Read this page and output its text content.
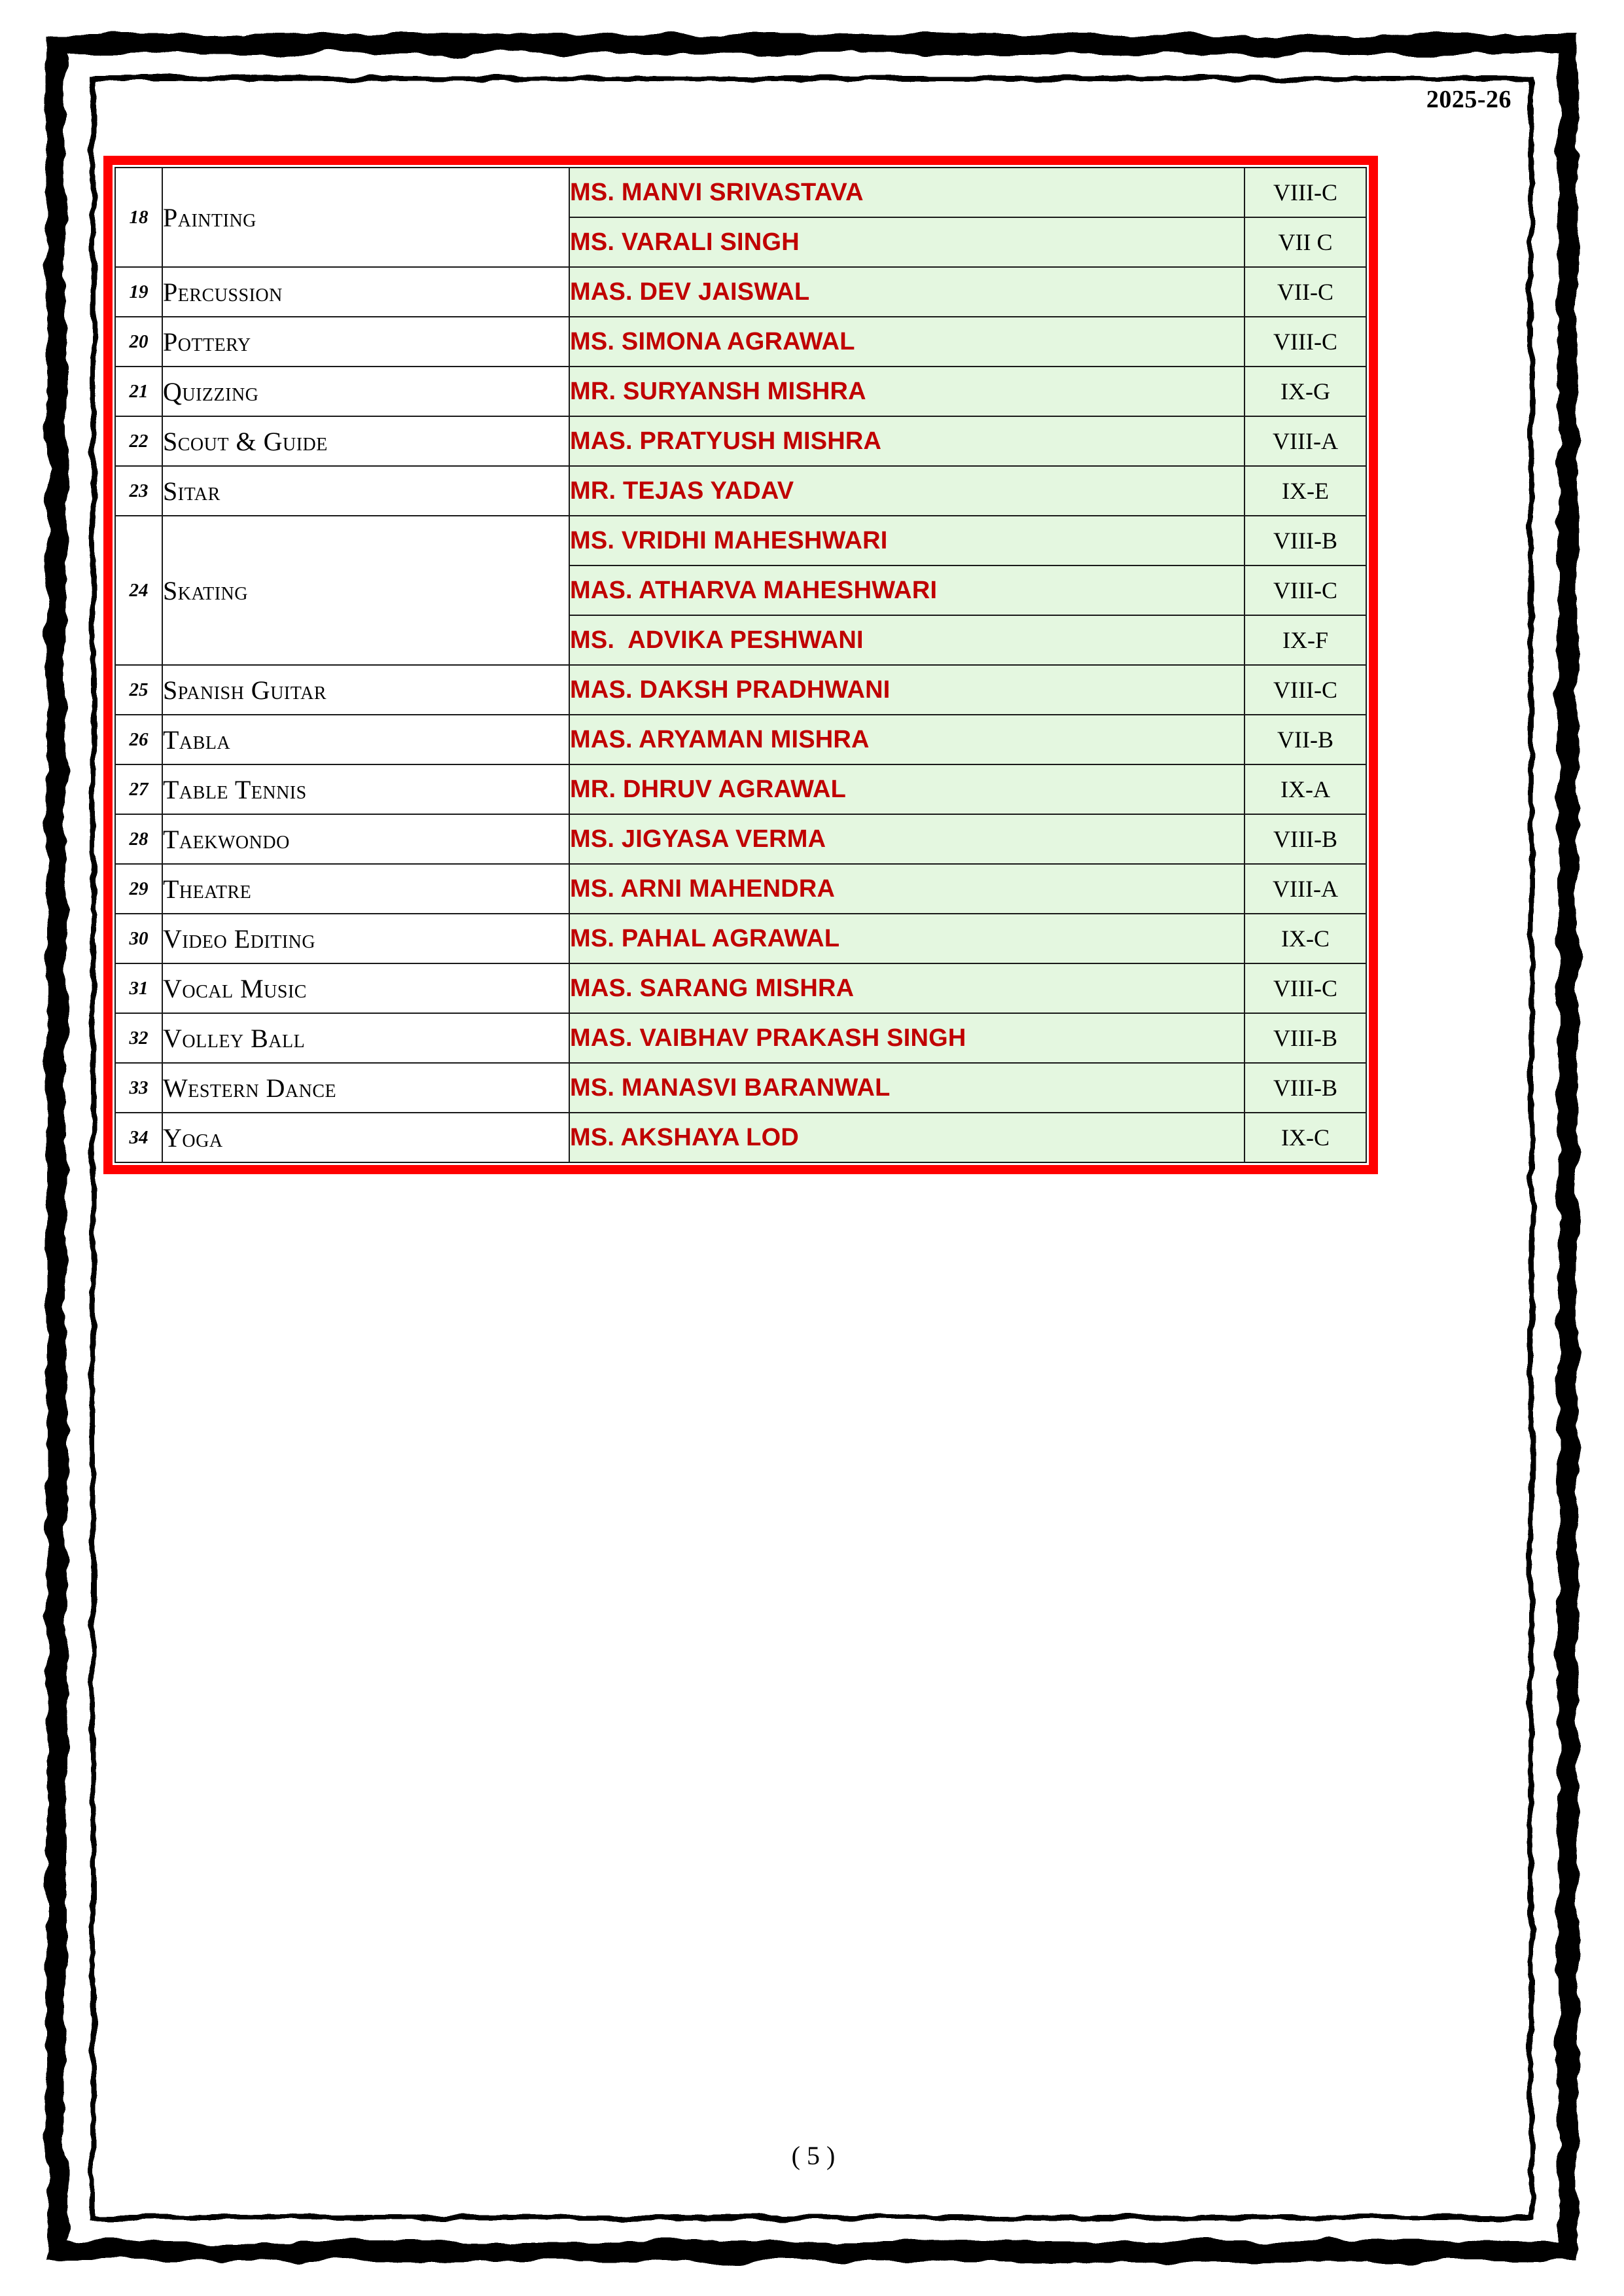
2025-26
18	Painting	MS. MANVI SRIVASTAVA	VIII-C
		MS. VARALI SINGH	VII C
19	Percussion	MAS. DEV JAISWAL	VII-C
20	Pottery	MS. SIMONA AGRAWAL	VIII-C
21	Quizzing	MR. SURYANSH MISHRA	IX-G
22	Scout & Guide	MAS. PRATYUSH MISHRA	VIII-A
23	Sitar	MR. TEJAS YADAV	IX-E
24	Skating	MS. VRIDHI MAHESHWARI	VIII-B
		MAS. ATHARVA MAHESHWARI	VIII-C
		MS.  ADVIKA PESHWANI	IX-F
25	Spanish Guitar	MAS. DAKSH PRADHWANI	VIII-C
26	Tabla	MAS. ARYAMAN MISHRA	VII-B
27	Table Tennis	MR. DHRUV AGRAWAL	IX-A
28	Taekwondo	MS. JIGYASA VERMA	VIII-B
29	Theatre	MS. ARNI MAHENDRA	VIII-A
30	Video Editing	MS. PAHAL AGRAWAL	IX-C
31	Vocal Music	MAS. SARANG MISHRA	VIII-C
32	Volley Ball	MAS. VAIBHAV PRAKASH SINGH	VIII-B
33	Western Dance	MS. MANASVI BARANWAL	VIII-B
34	Yoga	MS. AKSHAYA LOD	IX-C
( 5 )
